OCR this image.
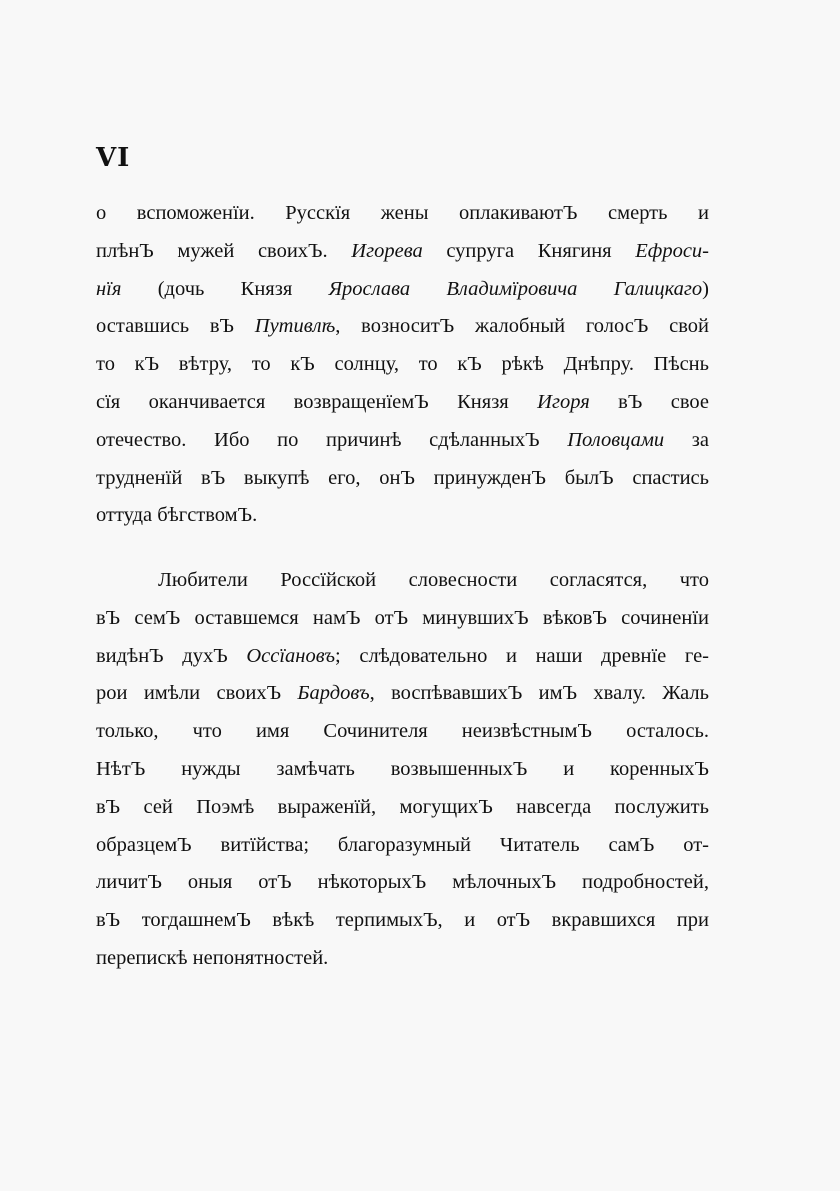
VI
о вспоможенїи. Русскїя жены оплакиваютЪ смерть и
плѣнЪ мужей своихЪ. Игорева супруга Княгиня Ефроси-
нїя (дочь Князя Ярослава Владимїровича Галицкаго)
оставшись вЪ Путивлѣ, возноситЪ жалобный голосЪ свой
то кЪ вѣтру, то кЪ солнцу, то кЪ рѣкѣ Днѣпру. Пѣснь
сїя оканчивается возвращенїемЪ Князя Игоря вЪ свое
отечество. Ибо по причинѣ сдѣланныхЪ Половцами за
трудненїй вЪ выкупѣ его, онЪ принужденЪ былЪ спастись
оттуда бѣгствомЪ.
Любители Россїйской словесности согласятся, что
вЪ семЪ оставшемся намЪ отЪ минувшихЪ вѣковЪ сочиненїи
видѣнЪ духЪ Оссїановъ; слѣдовательно и наши древнїе ге-
рои имѣли своихЪ Бардовъ, воспѣвавшихЪ имЪ хвалу. Жаль
только, что имя Сочинителя неизвѣстнымЪ осталось.
НѣтЪ нужды замѣчать возвышенныхЪ и коренныхЪ
вЪ сей Поэмѣ выраженїй, могущихЪ навсегда послужить
образцемЪ витїйства; благоразумный Читатель самЪ от-
личитЪ оныя отЪ нѣкоторыхЪ мѣлочныхЪ подробностей,
вЪ тогдашнемЪ вѣкѣ терпимыхЪ, и отЪ вкравшихся при
перепискѣ непонятностей.
